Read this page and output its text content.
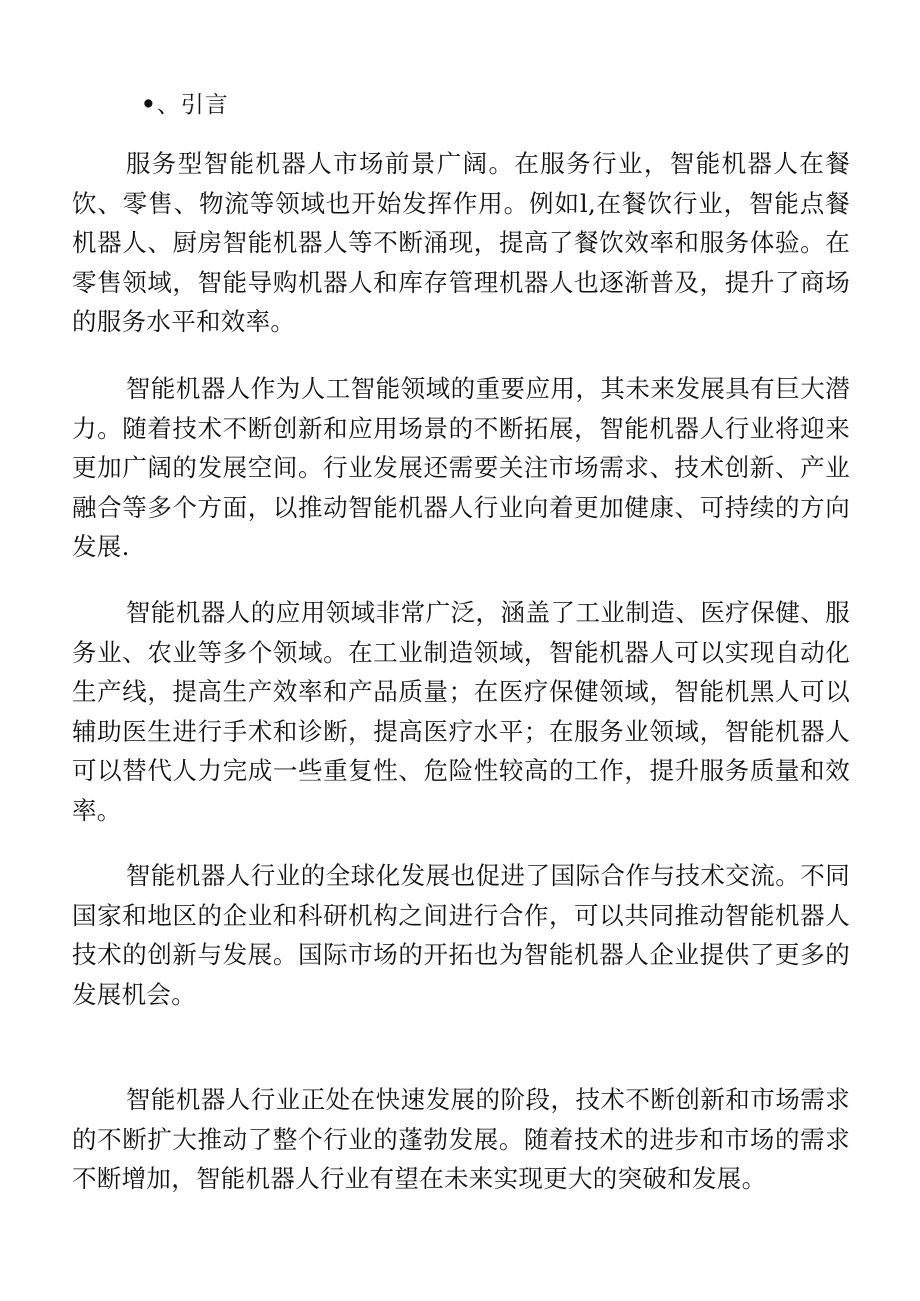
•、引言

服务型智能机器人市场前景广阔。在服务行业，智能机器人在餐饮、零售、物流等领域也开始发挥作用。例如l,在餐饮行业，智能点餐机器人、厨房智能机器人等不断涌现，提高了餐饮效率和服务体验。在零售领域，智能导购机器人和库存管理机器人也逐渐普及，提升了商场的服务水平和效率。

智能机器人作为人工智能领域的重要应用，其未来发展具有巨大潜力。随着技术不断创新和应用场景的不断拓展，智能机器人行业将迎来更加广阔的发展空间。行业发展还需要关注市场需求、技术创新、产业融合等多个方面，以推动智能机器人行业向着更加健康、可持续的方向发展.

智能机器人的应用领域非常广泛，涵盖了工业制造、医疗保健、服务业、农业等多个领域。在工业制造领域，智能机器人可以实现自动化生产线，提高生产效率和产品质量；在医疗保健领域，智能机黑人可以辅助医生进行手术和诊断，提高医疗水平；在服务业领域，智能机器人可以替代人力完成一些重复性、危险性较高的工作，提升服务质量和效率。

智能机器人行业的全球化发展也促进了国际合作与技术交流。不同国家和地区的企业和科研机构之间进行合作，可以共同推动智能机器人技术的创新与发展。国际市场的开拓也为智能机器人企业提供了更多的发展机会。

智能机器人行业正处在快速发展的阶段，技术不断创新和市场需求的不断扩大推动了整个行业的蓬勃发展。随着技术的进步和市场的需求不断增加，智能机器人行业有望在未来实现更大的突破和发展。
